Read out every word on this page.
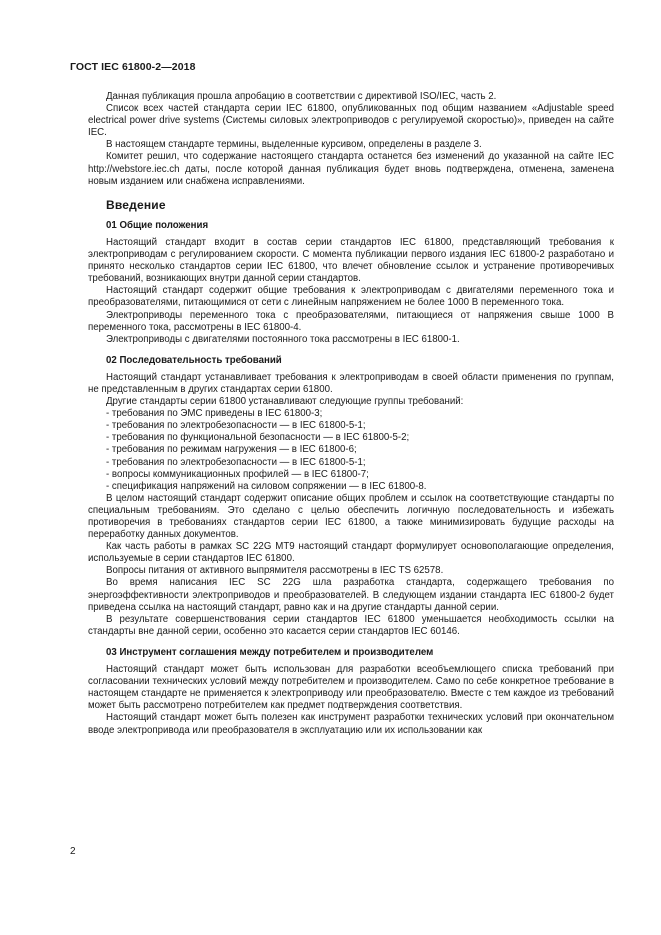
ГОСТ IEC 61800-2—2018

Данная публикация прошла апробацию в соответствии с директивой ISO/IEC, часть 2.

Список всех частей стандарта серии IEC 61800, опубликованных под общим названием «Adjustable speed electrical power drive systems (Системы силовых электроприводов с регулируемой скоростью)», приведен на сайте IEC.

В настоящем стандарте термины, выделенные курсивом, определены в разделе 3.

Комитет решил, что содержание настоящего стандарта останется без изменений до указанной на сайте IEC http://webstore.iec.ch даты, после которой данная публикация будет вновь подтверждена, отменена, заменена новым изданием или снабжена исправлениями.

Введение
01 Общие положения

Настоящий стандарт входит в состав серии стандартов IEC 61800, представляющий требования к электроприводам с регулированием скорости. С момента публикации первого издания IEC 61800-2 разработано и принято несколько стандартов серии IEC 61800, что влечет обновление ссылок и устранение противоречивых требований, возникающих внутри данной серии стандартов.

Настоящий стандарт содержит общие требования к электроприводам с двигателями переменного тока и преобразователями, питающимися от сети с линейным напряжением не более 1000 В переменного тока.

Электроприводы переменного тока с преобразователями, питающиеся от напряжения свыше 1000 В переменного тока, рассмотрены в IEC 61800-4.

Электроприводы с двигателями постоянного тока рассмотрены в IEC 61800-1.

02 Последовательность требований

Настоящий стандарт устанавливает требования к электроприводам в своей области применения по группам, не представленным в других стандартах серии 61800.

Другие стандарты серии 61800 устанавливают следующие группы требований:

- требования по ЭМС приведены в IEC 61800-3;

- требования по электробезопасности — в IEC 61800-5-1;

- требования по функциональной безопасности — в IEC 61800-5-2;

- требования по режимам нагружения — в IEC 61800-6;

- требования по электробезопасности — в IEC 61800-5-1;

- вопросы коммуникационных профилей — в IEC 61800-7;

- спецификация напряжений на силовом сопряжении — в IEC 61800-8.

В целом настоящий стандарт содержит описание общих проблем и ссылок на соответствующие стандарты по специальным требованиям. Это сделано с целью обеспечить логичную последовательность и избежать противоречия в требованиях стандартов серии IEC 61800, а также минимизировать будущие расходы на переработку данных документов.

Как часть работы в рамках SC 22G MT9 настоящий стандарт формулирует основополагающие определения, используемые в серии стандартов IEC 61800.

Вопросы питания от активного выпрямителя рассмотрены в IEC TS 62578.

Во время написания IEC SC 22G шла разработка стандарта, содержащего требования по энергоэффективности электроприводов и преобразователей. В следующем издании стандарта IEC 61800-2 будет приведена ссылка на настоящий стандарт, равно как и на другие стандарты данной серии.

В результате совершенствования серии стандартов IEC 61800 уменьшается необходимость ссылки на стандарты вне данной серии, особенно это касается серии стандартов IEC 60146.

03 Инструмент соглашения между потребителем и производителем

Настоящий стандарт может быть использован для разработки всеобъемлющего списка требований при согласовании технических условий между потребителем и производителем. Само по себе конкретное требование в настоящем стандарте не применяется к электроприводу или преобразователю. Вместе с тем каждое из требований может быть рассмотрено потребителем как предмет подтверждения соответствия.

Настоящий стандарт может быть полезен как инструмент разработки технических условий при окончательном вводе электропривода или преобразователя в эксплуатацию или их использовании как

2
